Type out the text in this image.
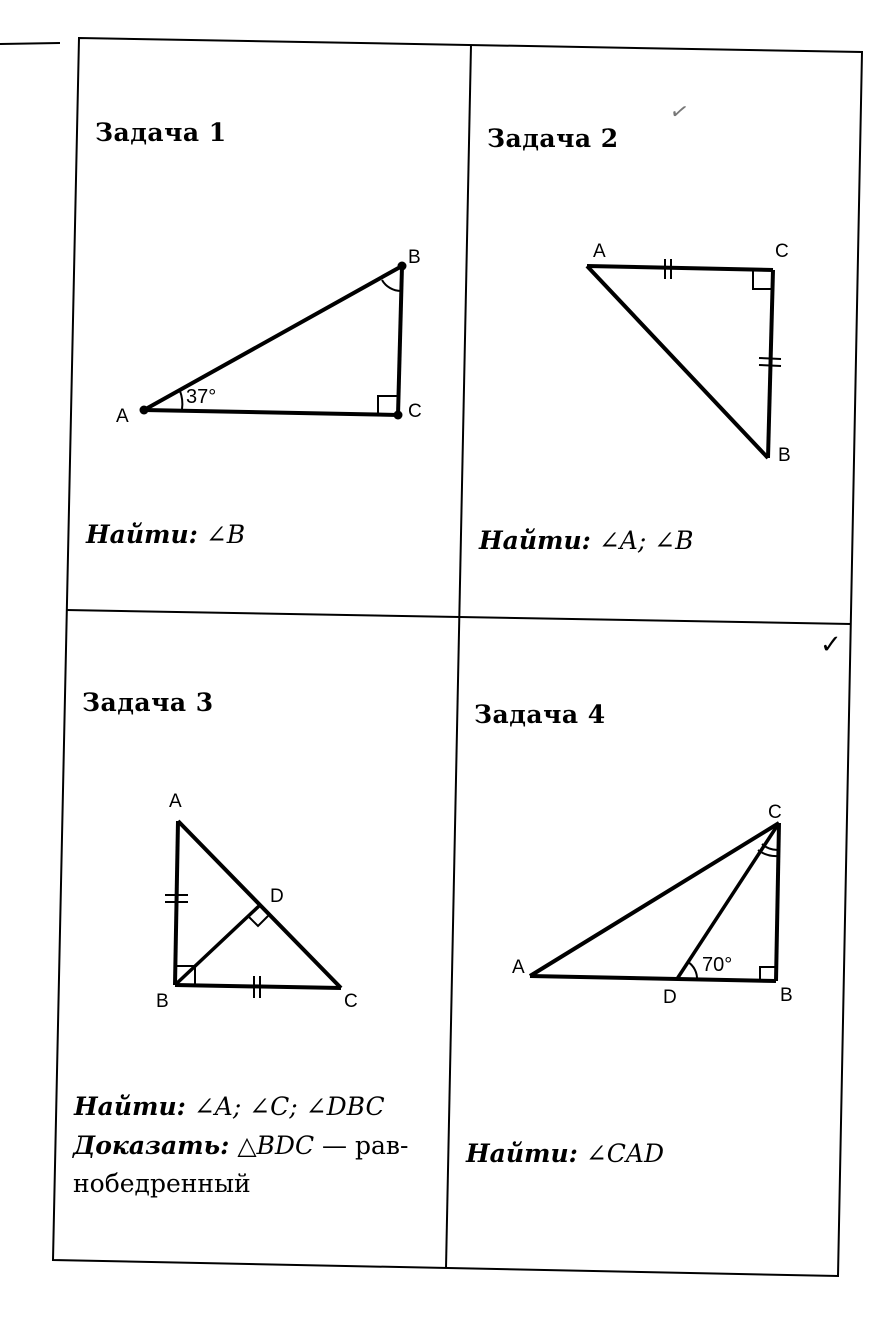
A
B
C
37°
A	C
B
A
D
B	C
C
A
D	B
70°
Задача 1	Задача 2
Задача 3	Задача 4
✓
✓
Найти: ∠B	Найти: ∠A; ∠B
Найти: ∠A; ∠C; ∠DBC
Доказать: △BDC — рав-
нобедренный
Найти: ∠CAD
